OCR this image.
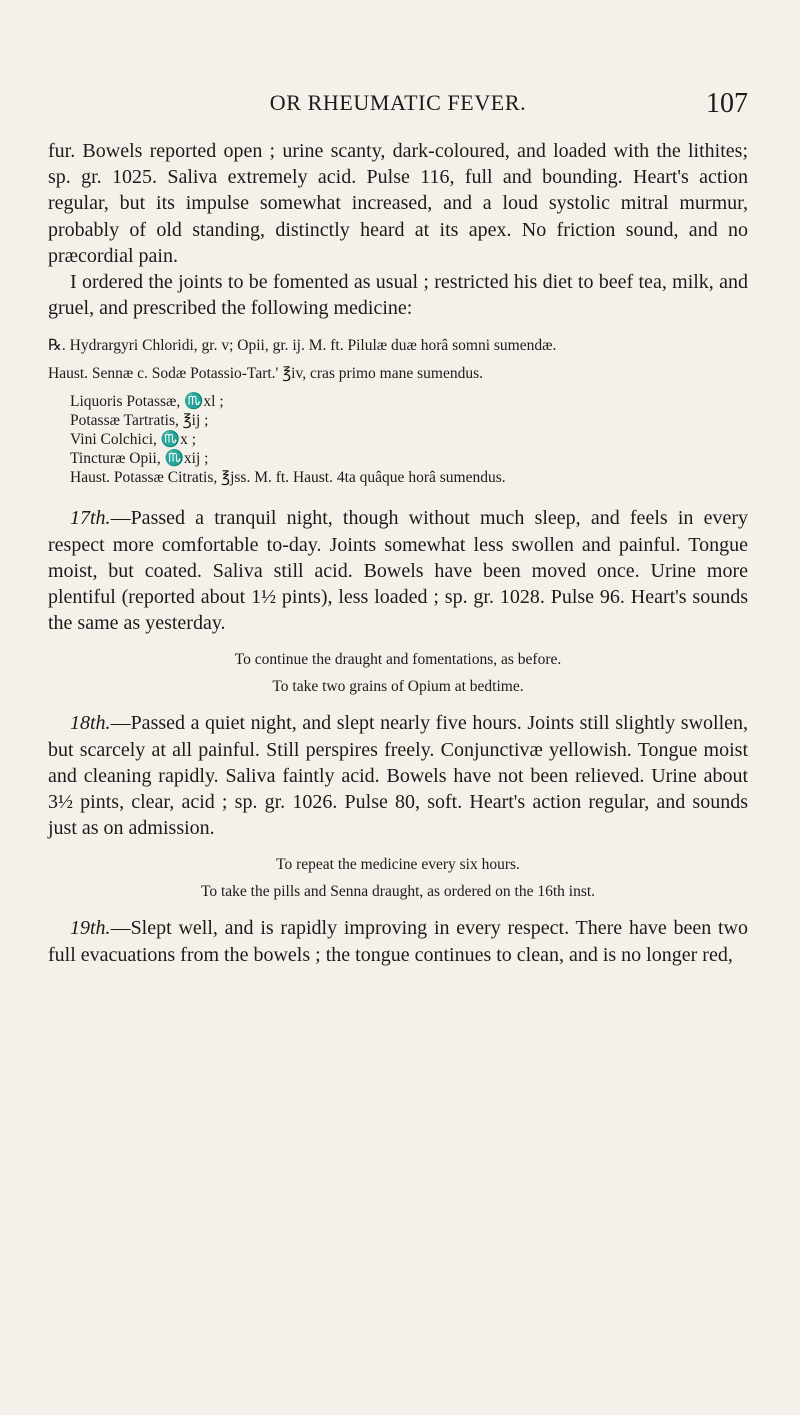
OR RHEUMATIC FEVER.	107

fur. Bowels reported open ; urine scanty, dark-coloured, and loaded with the lithites; sp. gr. 1025. Saliva extremely acid. Pulse 116, full and bounding. Heart's action regular, but its impulse somewhat increased, and a loud systolic mitral murmur, probably of old standing, distinctly heard at its apex. No friction sound, and no præcordial pain.

I ordered the joints to be fomented as usual ; restricted his diet to beef tea, milk, and gruel, and prescribed the following medicine:

℞. Hydrargyri Chloridi, gr. v; Opii, gr. ij. M. ft. Pilulæ duæ horâ somni sumendæ.

Haust. Sennæ c. Sodæ Potassio-Tart.' ℥iv, cras primo mane sumendus.

Liquoris Potassæ, ♏xl ;

Potassæ Tartratis, ℥ij ;

Vini Colchici, ♏x ;

Tincturæ Opii, ♏xij ;

Haust. Potassæ Citratis, ℥jss. M. ft. Haust. 4ta quâque horâ sumendus.

17th.—Passed a tranquil night, though without much sleep, and feels in every respect more comfortable to-day. Joints somewhat less swollen and painful. Tongue moist, but coated. Saliva still acid. Bowels have been moved once. Urine more plentiful (reported about 1½ pints), less loaded ; sp. gr. 1028. Pulse 96. Heart's sounds the same as yesterday.

To continue the draught and fomentations, as before.

To take two grains of Opium at bedtime.

18th.—Passed a quiet night, and slept nearly five hours. Joints still slightly swollen, but scarcely at all painful. Still perspires freely. Conjunctivæ yellowish. Tongue moist and cleaning rapidly. Saliva faintly acid. Bowels have not been relieved. Urine about 3½ pints, clear, acid ; sp. gr. 1026. Pulse 80, soft. Heart's action regular, and sounds just as on admission.

To repeat the medicine every six hours.

To take the pills and Senna draught, as ordered on the 16th inst.

19th.—Slept well, and is rapidly improving in every respect. There have been two full evacuations from the bowels ; the tongue continues to clean, and is no longer red,
